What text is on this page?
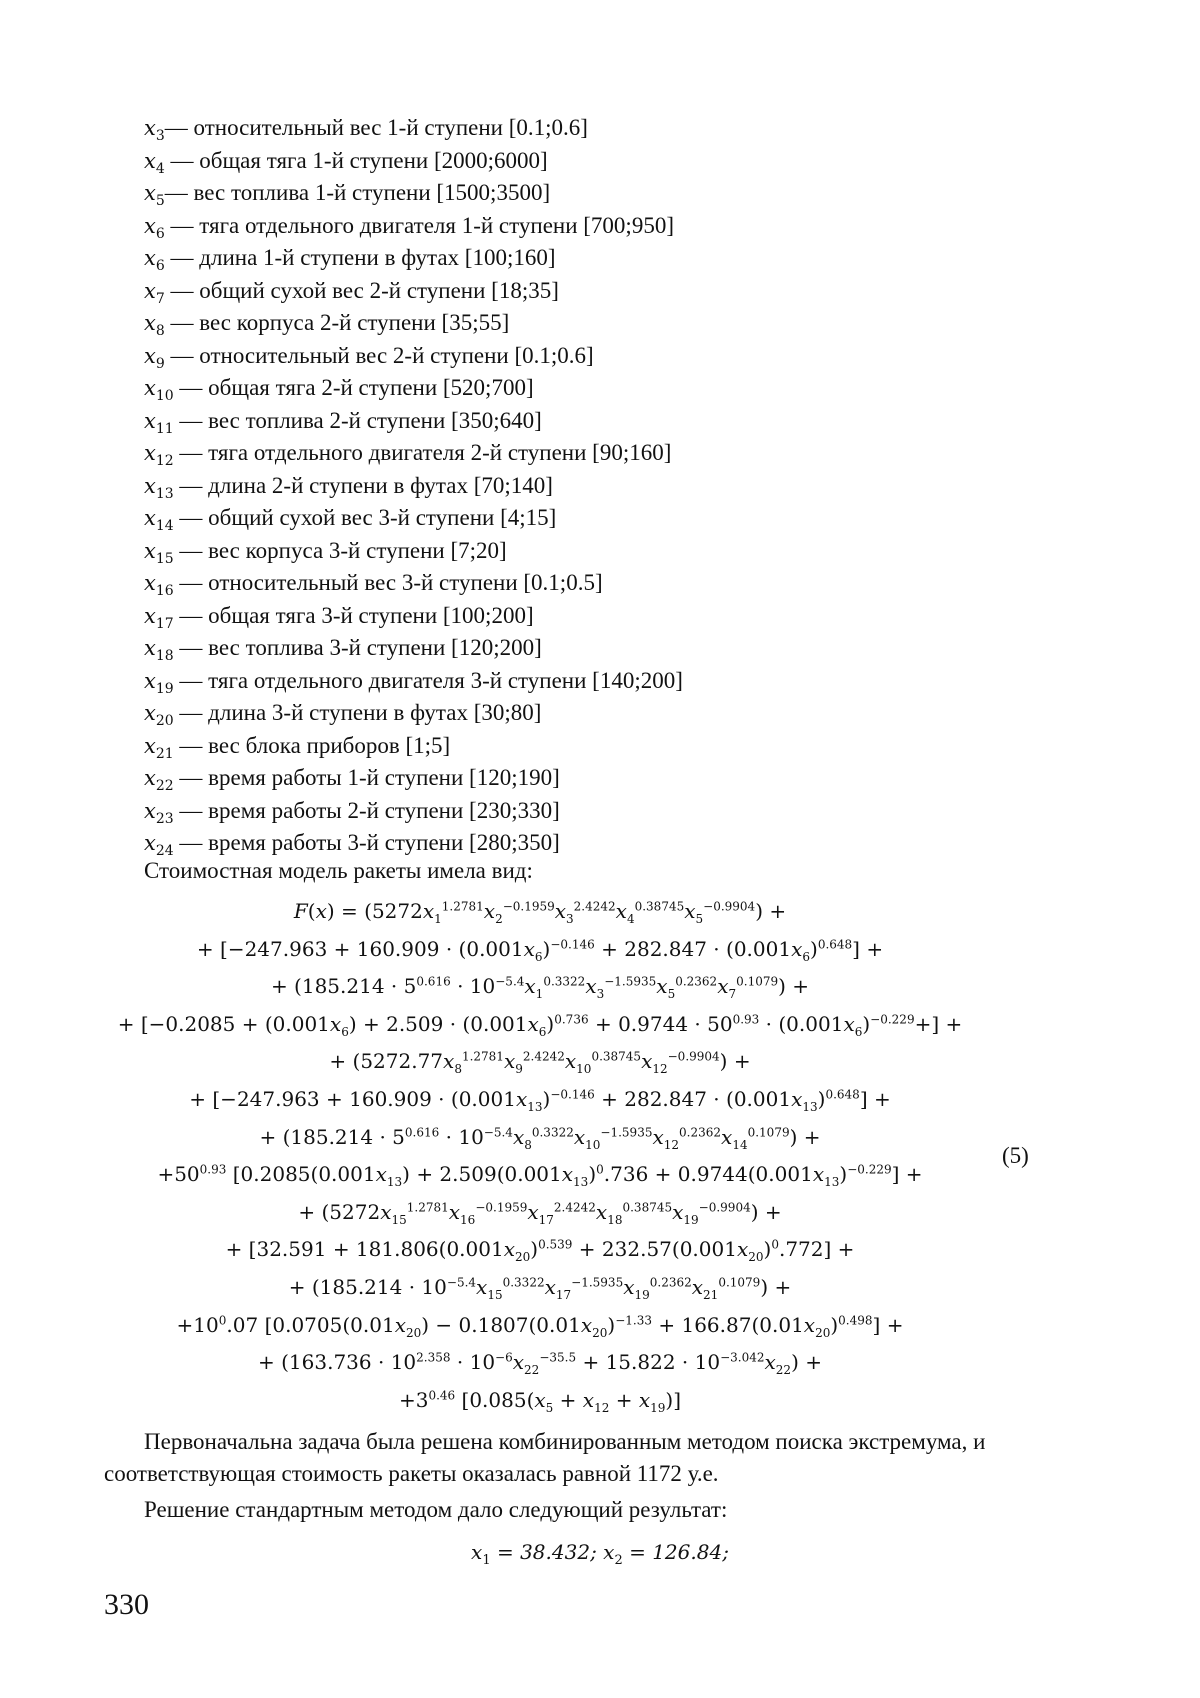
$x_3—$ относительный вес 1-й ступени [0.1;0.6]
$x_4$ — общая тяга 1-й ступени [2000;6000]
$x_5—$ вес топлива 1-й ступени [1500;3500]
$x_6$ — тяга отдельного двигателя 1-й ступени [700;950]
$x_6$ — длина 1-й ступени в футах [100;160]
$x_7$ — общий сухой вес 2-й ступени [18;35]
$x_8$ — вес корпуса 2-й ступени [35;55]
$x_9$ — относительный вес 2-й ступени [0.1;0.6]
$x_{10}$ — общая тяга 2-й ступени [520;700]
$x_{11}$ — вес топлива 2-й ступени [350;640]
$x_{12}$ — тяга отдельного двигателя 2-й ступени [90;160]
$x_{13}$ — длина 2-й ступени в футах [70;140]
$x_{14}$ — общий сухой вес 3-й ступени [4;15]
$x_{15}$ — вес корпуса 3-й ступени [7;20]
$x_{16}$ — относительный вес 3-й ступени [0.1;0.5]
$x_{17}$ — общая тяга 3-й ступени [100;200]
$x_{18}$ — вес топлива 3-й ступени [120;200]
$x_{19}$ — тяга отдельного двигателя 3-й ступени [140;200]
$x_{20}$ — длина 3-й ступени в футах [30;80]
$x_{21}$ — вес блока приборов [1;5]
$x_{22}$ — время работы 1-й ступени [120;190]
$x_{23}$ — время работы 2-й ступени [230;330]
$x_{24}$ — время работы 3-й ступени [280;350]
Стоимостная модель ракеты имела вид:
$F(x) = (5272x_1^{1.2781}x_2^{-0.1959}x_3^{2.4242}x_4^{0.38745}x_5^{-0.9904})$ +
+ $[-247.963 + 160.909 \cdot (0.001x_6)^{-0.146} + 282.847 \cdot (0.001x_6)^{0.648}]$ +
+ $(185.214 \cdot 5^{0.616} \cdot 10^{-5.4}x_1^{0.3322}x_3^{-1.5935}x_5^{0.2362}x_7^{0.1079})$ +
+ $[-0.2085 + (0.001x_6) + 2.509 \cdot (0.001x_6)^{0.736} + 0.9744 \cdot 50^{0.93} \cdot (0.001x_6)^{-0.229}+]$ +
+ $(5272.77x_8^{1.2781}x_9^{2.4242}x_{10}^{0.38745}x_{12}^{-0.9904})$ +
+ $[-247.963 + 160.909 \cdot (0.001x_{13})^{-0.146} + 282.847 \cdot (0.001x_{13})^{0.648}]$ +
+ $(185.214 \cdot 5^{0.616} \cdot 10^{-5.4}x_8^{0.3322}x_{10}^{-1.5935}x_{12}^{0.2362}x_{14}^{0.1079})$ +
$+50^{0.93}$ $[0.2085(0.001x_{13}) + 2.509(0.001x_{13})^0.736 + 0.9744(0.001x_{13})^{-0.229}]$ +
+ $(5272x_{15}^{1.2781}x_{16}^{-0.1959}x_{17}^{2.4242}x_{18}^{0.38745}x_{19}^{-0.9904})$ +
+ $[32.591 + 181.806(0.001x_{20})^{0.539} + 232.57(0.001x_{20})^0.772]$ +
+ $(185.214 \cdot 10^{-5.4}x_{15}^{0.3322}x_{17}^{-1.5935}x_{19}^{0.2362}x_{21}^{0.1079})$ +
$+10^0.07$ $[0.0705(0.01x_{20}) - 0.1807(0.01x_{20})^{-1.33} + 166.87(0.01x_{20})^{0.498}]$ +
+ $(163.736 \cdot 10^{2.358} \cdot 10^{-6}x_{22}^{-35.5} + 15.822 \cdot 10^{-3.042}x_{22})$ +
$+3^{0.46}$ $[0.085(x_5 + x_{12} + x_{19})]$
(5)
Первоначальна задача была решена комбинированным методом поиска экстремума, и соответствующая стоимость ракеты оказалась равной 1172 у.е.
Решение стандартным методом дало следующий результат:
$x_1 = 38.432$; $x_2 = 126.84$;
330
